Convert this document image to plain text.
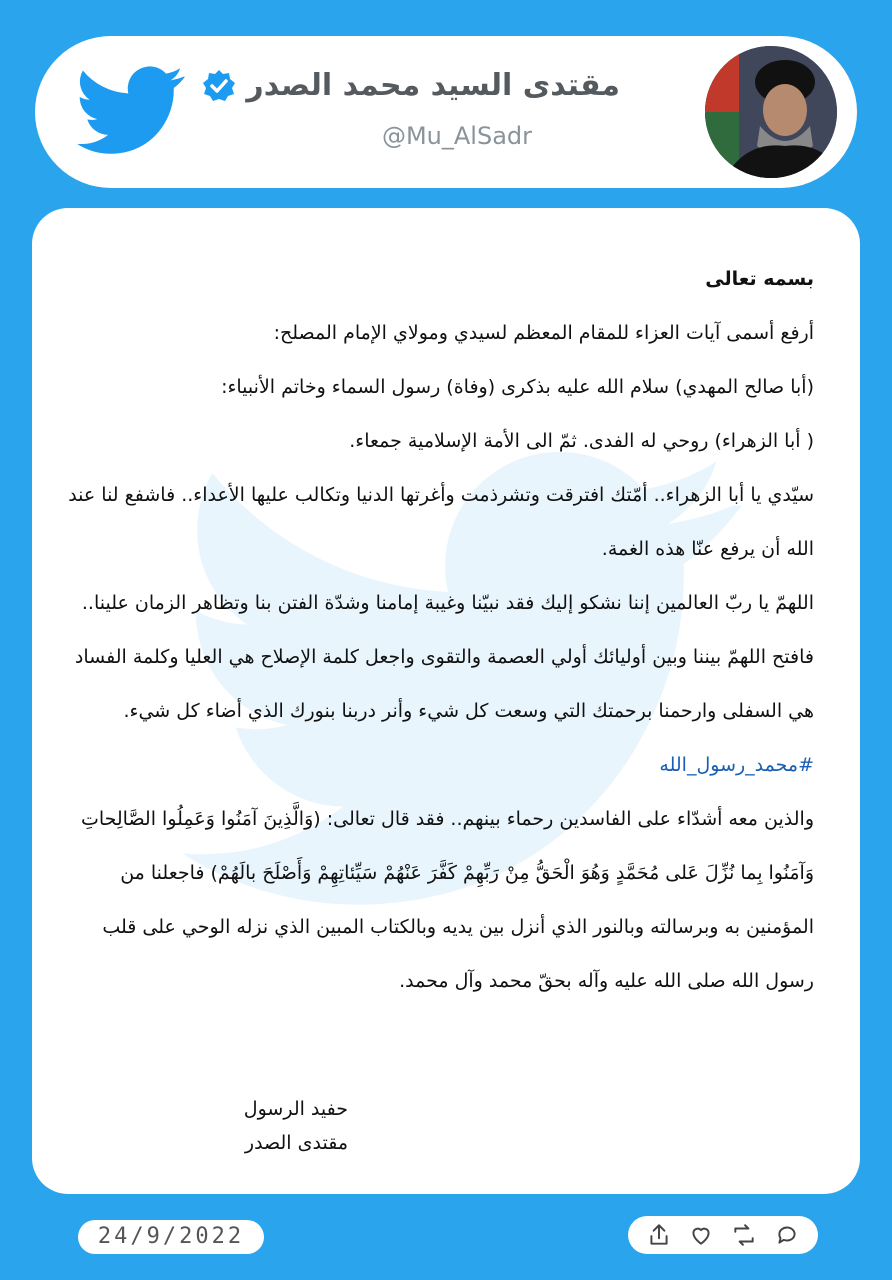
مقتدى السيد محمد الصدر
@Mu_AlSadr

بسمه تعالى

أرفع أسمى آيات العزاء للمقام المعظم لسيدي ومولاي الإمام المصلح:

(أبا صالح المهدي) سلام الله عليه بذكرى (وفاة) رسول السماء وخاتم الأنبياء:

( أبا الزهراء) روحي له الفدى. ثمّ الى الأمة الإسلامية جمعاء.

سيّدي يا أبا الزهراء.. أمّتك افترقت وتشرذمت وأغرتها الدنيا وتكالب عليها الأعداء.. فاشفع لنا عند الله أن يرفع عنّا هذه الغمة.

اللهمّ يا ربّ العالمين إننا نشكو إليك فقد نبيّنا وغيبة إمامنا وشدّة الفتن بنا وتظاهر الزمان علينا.. فافتح اللهمّ بيننا وبين أوليائك أولي العصمة والتقوى واجعل كلمة الإصلاح هي العليا وكلمة الفساد هي السفلى وارحمنا برحمتك التي وسعت كل شيء وأنر دربنا بنورك الذي أضاء كل شيء.

#محمد_رسول_الله

والذين معه أشدّاء على الفاسدين رحماء بينهم.. فقد قال تعالى: (وَالَّذِينَ آمَنُوا وَعَمِلُوا الصَّالِحاتِ وَآمَنُوا بِما نُزِّلَ عَلى مُحَمَّدٍ وَهُوَ الْحَقُّ مِنْ رَبِّهِمْ كَفَّرَ عَنْهُمْ سَيِّئاتِهِمْ وَأَصْلَحَ بالَهُمْ) فاجعلنا من المؤمنين به وبرسالته وبالنور الذي أنزل بين يديه وبالكتاب المبين الذي نزله الوحي على قلب رسول الله صلى الله عليه وآله بحقّ محمد وآل محمد.

حفيد الرسول
مقتدى الصدر
24/9/2022
